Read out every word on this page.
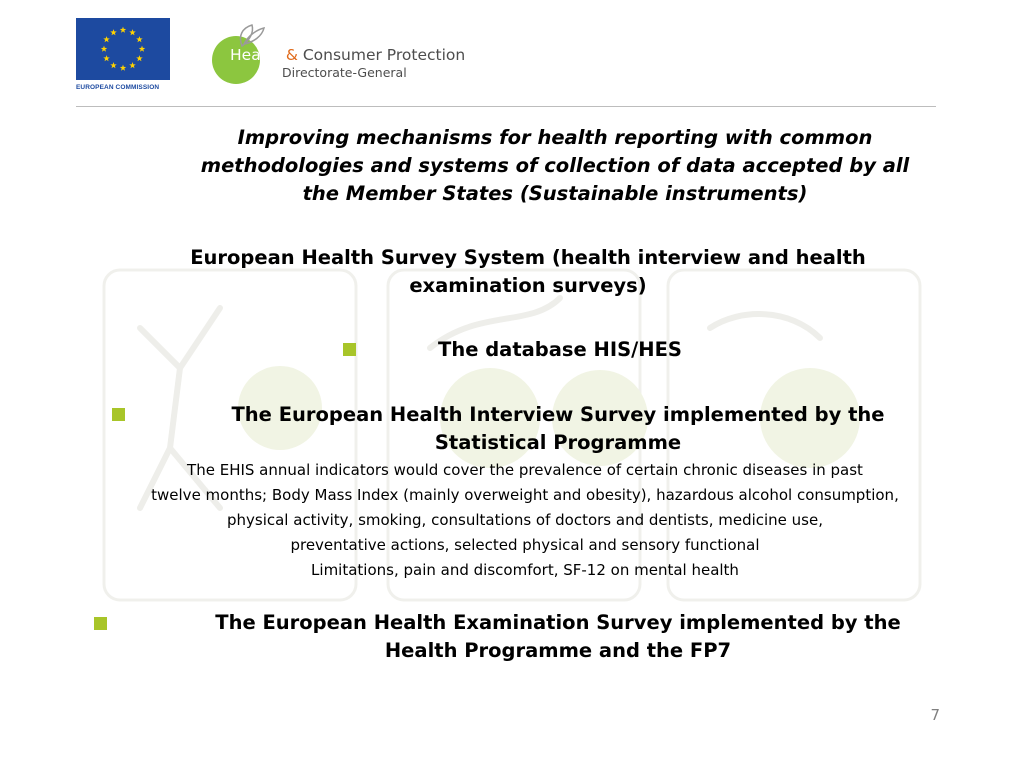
EUROPEAN COMMISSION
Health & Consumer Protection
Directorate-General
Improving mechanisms for health reporting with common
methodologies and systems of collection of data accepted by all
the Member States (Sustainable instruments)
European Health Survey System (health interview and health
examination surveys)
The database HIS/HES
The European Health Interview Survey implemented by the
Statistical Programme
The EHIS annual indicators would cover the prevalence of certain chronic diseases in past
twelve months; Body Mass Index (mainly overweight and obesity), hazardous alcohol consumption,
physical activity, smoking, consultations of doctors and dentists, medicine use,
preventative actions, selected physical and sensory functional
Limitations, pain and discomfort, SF-12 on mental health
The European Health Examination Survey implemented by the
Health Programme and the FP7
7
